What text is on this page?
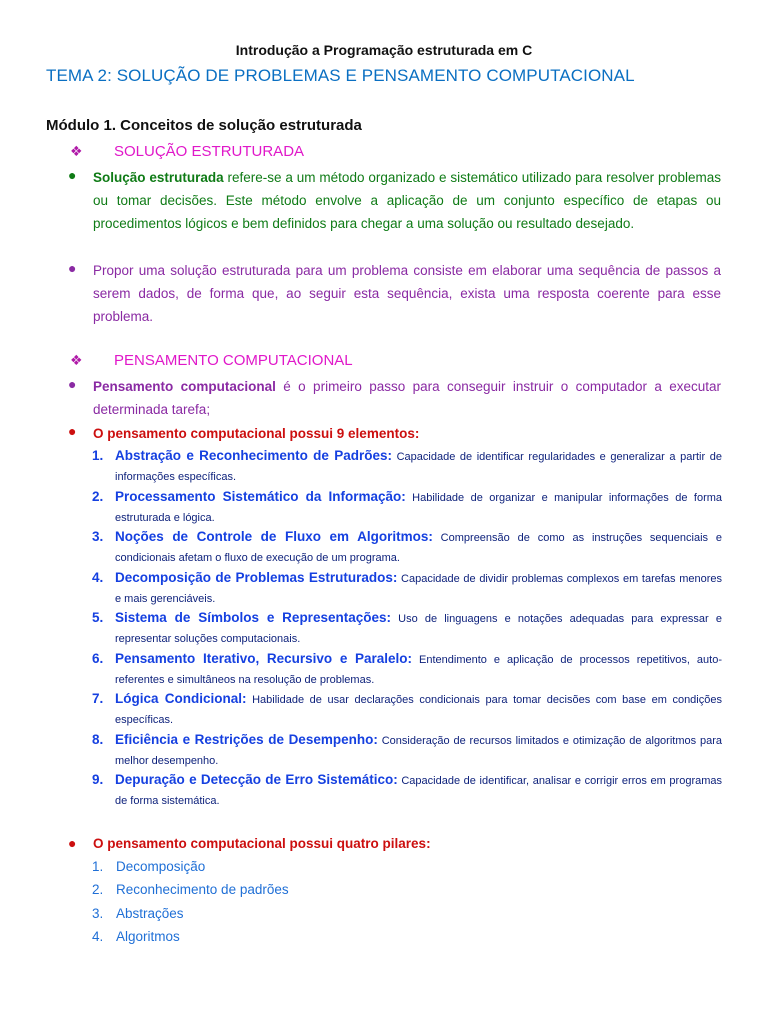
Introdução a Programação estruturada em C
TEMA 2: SOLUÇÃO DE PROBLEMAS E PENSAMENTO COMPUTACIONAL
Módulo 1. Conceitos de solução estruturada
❖ SOLUÇÃO ESTRUTURADA
● Solução estruturada refere-se a um método organizado e sistemático utilizado para resolver problemas ou tomar decisões. Este método envolve a aplicação de um conjunto específico de etapas ou procedimentos lógicos e bem definidos para chegar a uma solução ou resultado desejado.
● Propor uma solução estruturada para um problema consiste em elaborar uma sequência de passos a serem dados, de forma que, ao seguir esta sequência, exista uma resposta coerente para esse problema.
❖ PENSAMENTO COMPUTACIONAL
● Pensamento computacional é o primeiro passo para conseguir instruir o computador a executar determinada tarefa;
● O pensamento computacional possui 9 elementos:
1. Abstração e Reconhecimento de Padrões: Capacidade de identificar regularidades e generalizar a partir de informações específicas.
2. Processamento Sistemático da Informação: Habilidade de organizar e manipular informações de forma estruturada e lógica.
3. Noções de Controle de Fluxo em Algoritmos: Compreensão de como as instruções sequenciais e condicionais afetam o fluxo de execução de um programa.
4. Decomposição de Problemas Estruturados: Capacidade de dividir problemas complexos em tarefas menores e mais gerenciáveis.
5. Sistema de Símbolos e Representações: Uso de linguagens e notações adequadas para expressar e representar soluções computacionais.
6. Pensamento Iterativo, Recursivo e Paralelo: Entendimento e aplicação de processos repetitivos, auto-referentes e simultâneos na resolução de problemas.
7. Lógica Condicional: Habilidade de usar declarações condicionais para tomar decisões com base em condições específicas.
8. Eficiência e Restrições de Desempenho: Consideração de recursos limitados e otimização de algoritmos para melhor desempenho.
9. Depuração e Detecção de Erro Sistemático: Capacidade de identificar, analisar e corrigir erros em programas de forma sistemática.
● O pensamento computacional possui quatro pilares:
1. Decomposição
2. Reconhecimento de padrões
3. Abstrações
4. Algoritmos
